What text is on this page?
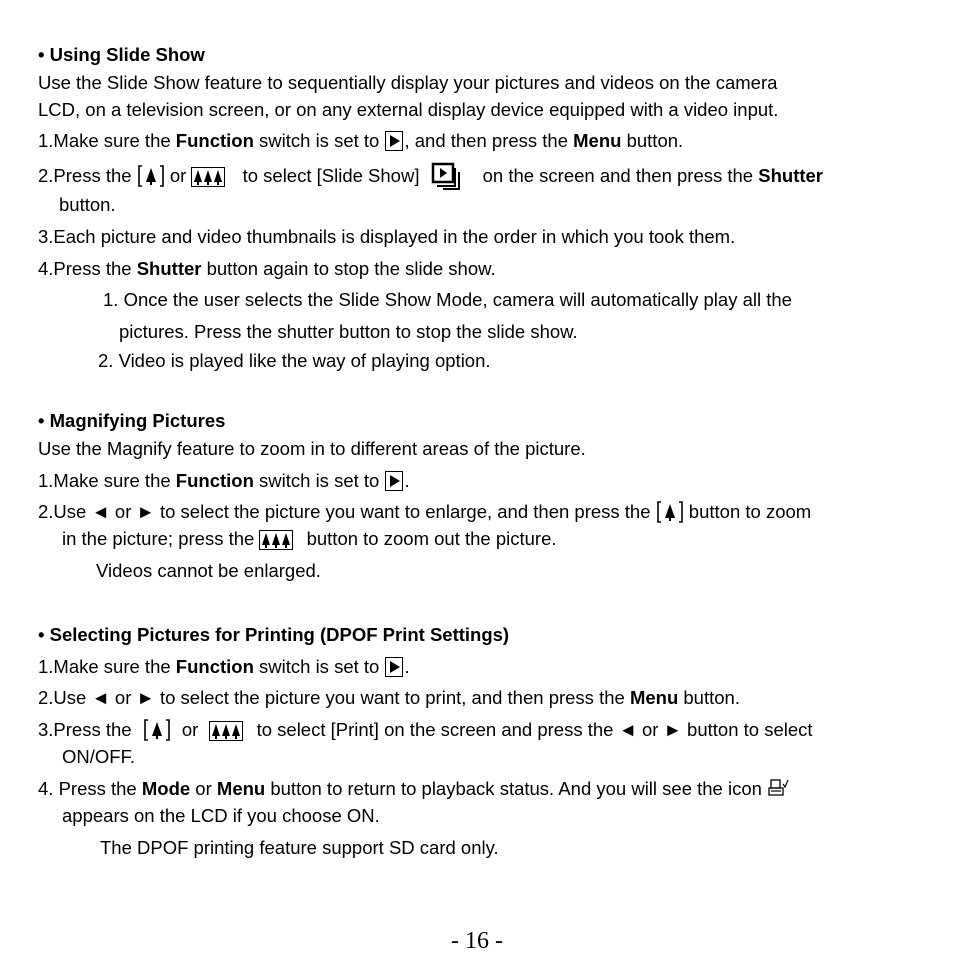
• Using Slide Show
Use the Slide Show feature to sequentially display your pictures and videos on the camera
LCD, on a television screen, or on any external display device equipped with a video input.
1.Make sure the Function switch is set to , and then press the Menu button.
2.Press the  or  to select [Slide Show]	on the screen and then press the Shutter
button.
3.Each picture and video thumbnails is displayed in the order in which you took them.
4.Press the Shutter button again to stop the slide show.
1. Once the user selects the Slide Show Mode, camera will automatically play all the
pictures. Press the shutter button to stop the slide show.
2. Video is played like the way of playing option.
• Magnifying Pictures
Use the Magnify feature to zoom in to different areas of the picture.
1.Make sure the Function switch is set to .
2.Use ◄ or ► to select the picture you want to enlarge, and then press the  button to zoom
in the picture; press the  button to zoom out the picture.
Videos cannot be enlarged.
• Selecting Pictures for Printing (DPOF Print Settings)
1.Make sure the Function switch is set to .
2.Use ◄ or ► to select the picture you want to print, and then press the Menu button.
3.Press the  or	to select [Print] on the screen and press the ◄ or ► button to select
ON/OFF.
4. Press the Mode or Menu button to return to playback status. And you will see the icon
appears on the LCD if you choose ON.
The DPOF printing feature support SD card only.
- 16 -
